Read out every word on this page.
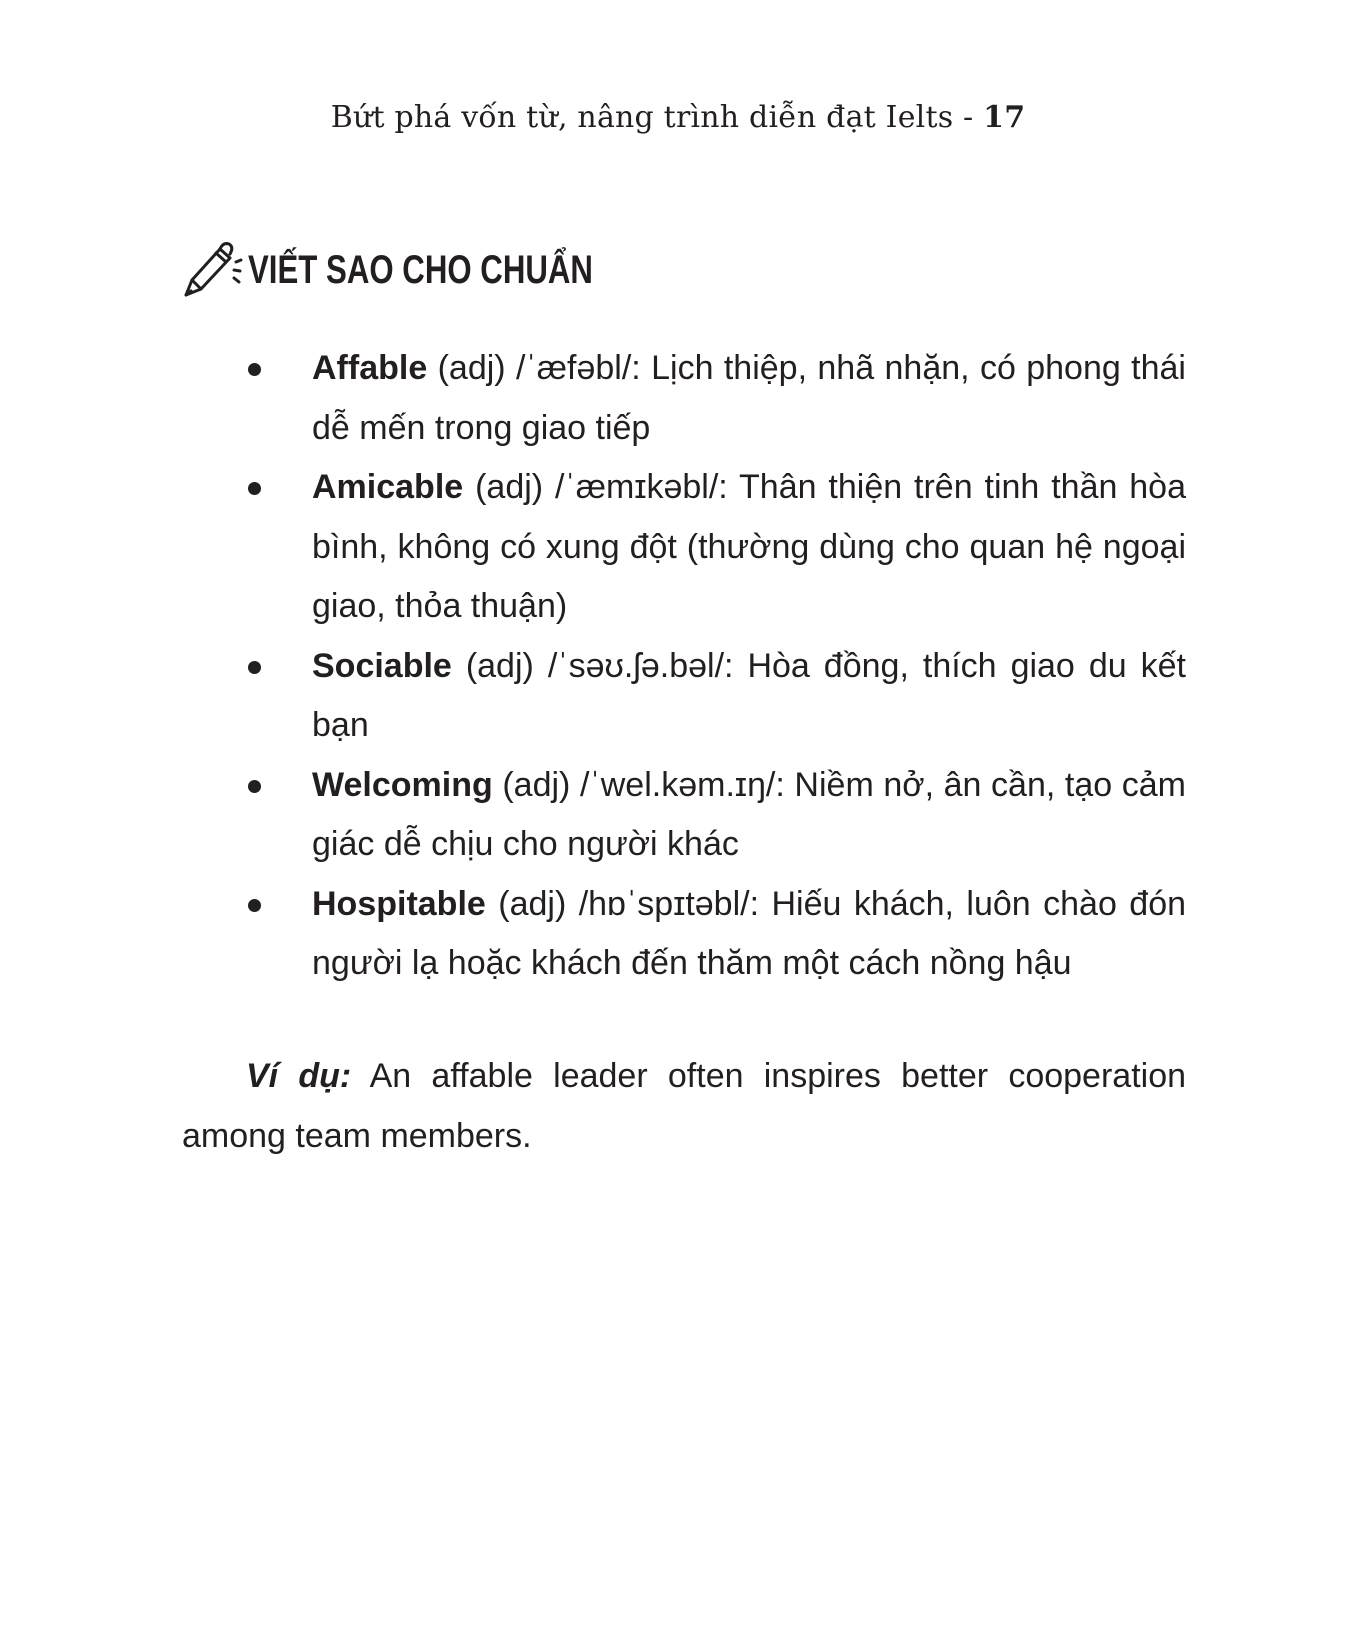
Bứt phá vốn từ, nâng trình diễn đạt Ielts - 17
VIẾT SAO CHO CHUẨN
Affable (adj) /ˈæfəbl/: Lịch thiệp, nhã nhặn, có phong thái dễ mến trong giao tiếp
Amicable (adj) /ˈæmɪkəbl/: Thân thiện trên tinh thần hòa bình, không có xung đột (thường dùng cho quan hệ ngoại giao, thỏa thuận)
Sociable (adj) /ˈsəʊ.ʃə.bəl/: Hòa đồng, thích giao du kết bạn
Welcoming (adj) /ˈwel.kəm.ɪŋ/: Niềm nở, ân cần, tạo cảm giác dễ chịu cho người khác
Hospitable (adj) /hɒˈspɪtəbl/: Hiếu khách, luôn chào đón người lạ hoặc khách đến thăm một cách nồng hậu

Ví dụ: An affable leader often inspires better cooperation among team members.
